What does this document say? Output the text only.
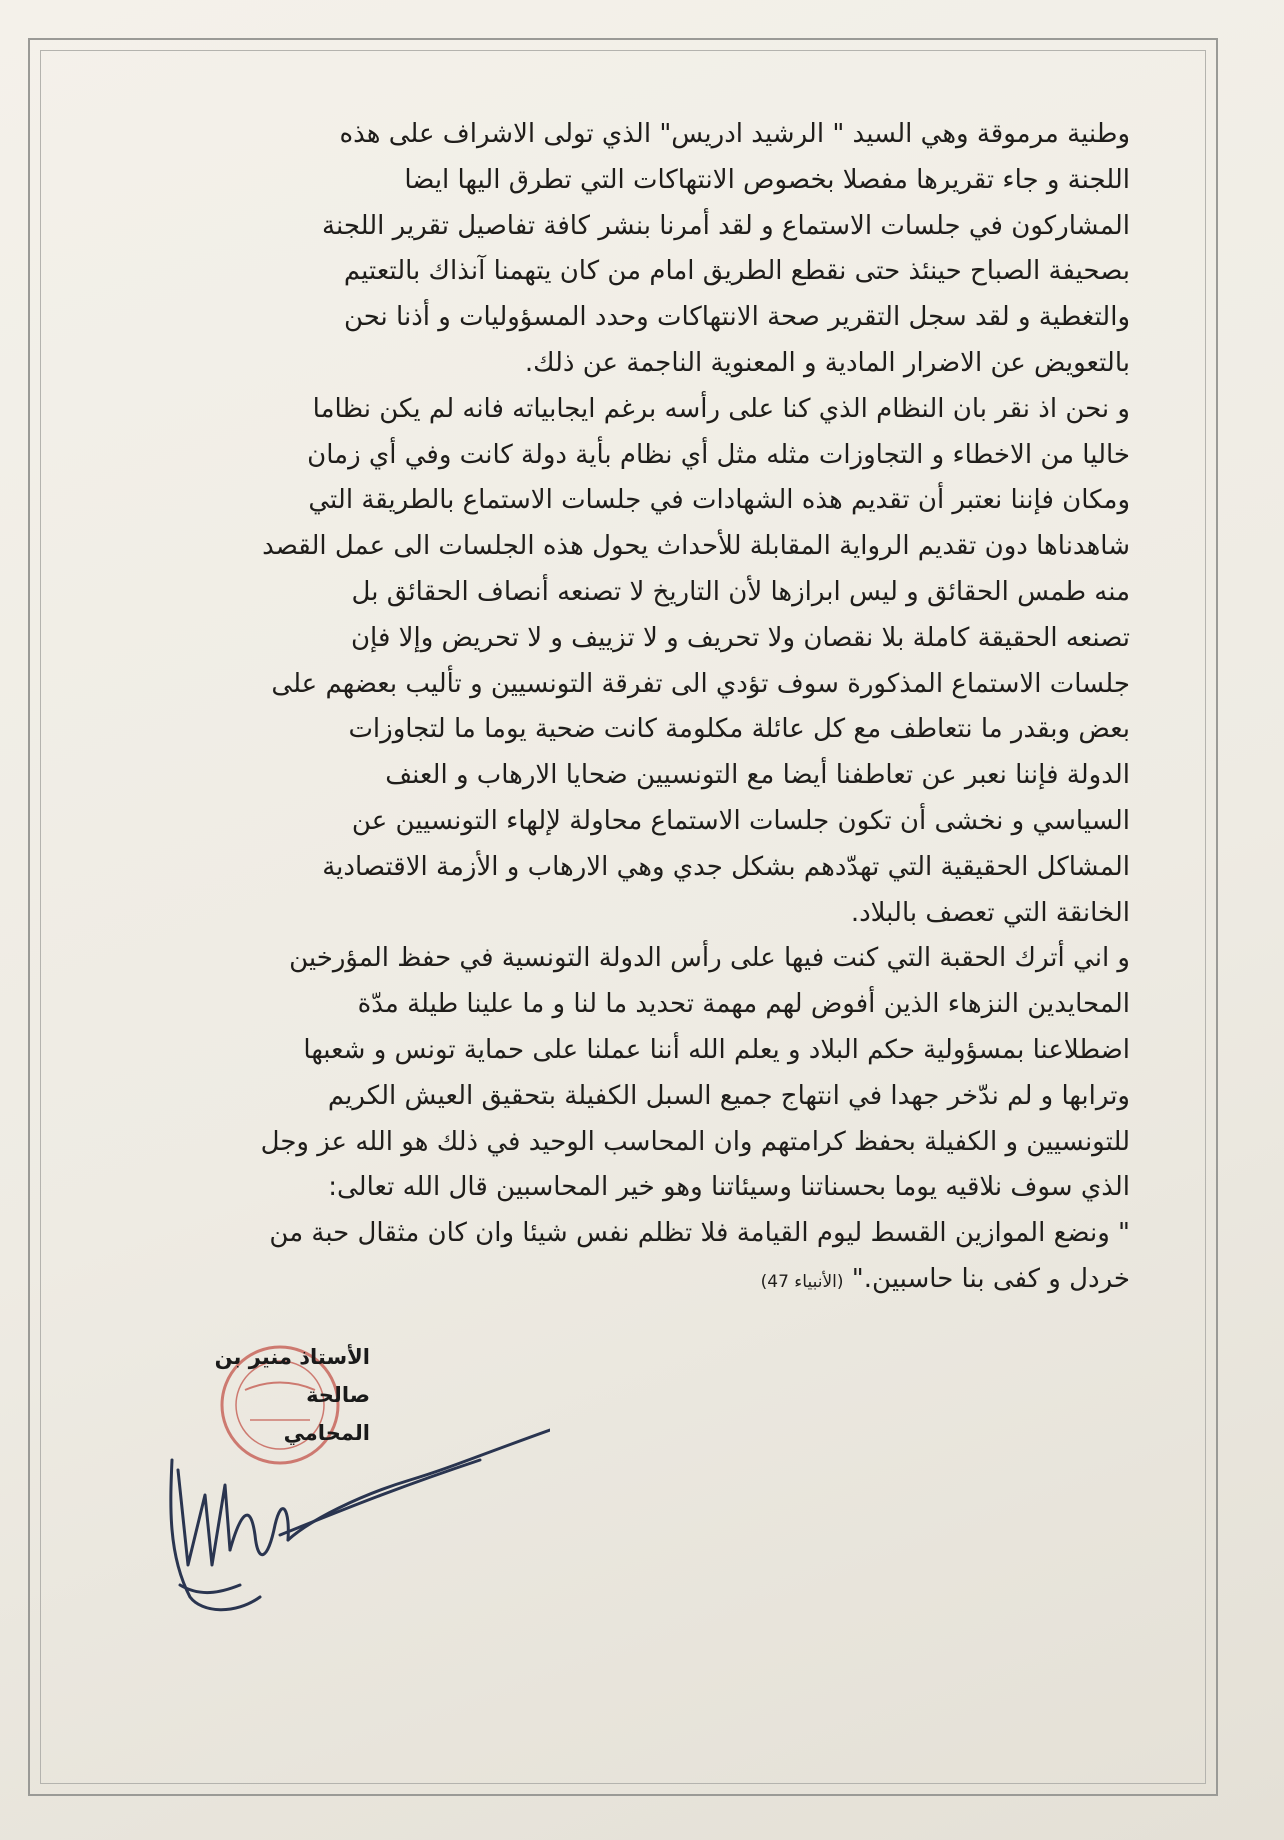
وطنية مرموقة وهي السيد " الرشيد ادريس" الذي تولى الاشراف على هذه
اللجنة و جاء تقريرها مفصلا بخصوص الانتهاكات التي تطرق اليها ايضا
المشاركون في جلسات الاستماع و لقد أمرنا بنشر كافة تفاصيل تقرير اللجنة
بصحيفة الصباح حينئذ حتى نقطع الطريق امام من كان يتهمنا آنذاك بالتعتيم
والتغطية و لقد سجل التقرير صحة الانتهاكات وحدد المسؤوليات و أذنا نحن
بالتعويض عن الاضرار المادية و المعنوية الناجمة عن ذلك.
و نحن اذ نقر بان النظام الذي كنا على رأسه برغم ايجابياته فانه لم يكن نظاما
خاليا من الاخطاء و التجاوزات مثله مثل أي نظام بأية دولة كانت وفي أي زمان
ومكان فإننا نعتبر أن تقديم هذه الشهادات في جلسات الاستماع بالطريقة التي
شاهدناها دون تقديم الرواية المقابلة للأحداث يحول هذه الجلسات الى عمل القصد
منه طمس الحقائق و ليس ابرازها لأن التاريخ لا تصنعه أنصاف الحقائق بل
تصنعه الحقيقة كاملة بلا نقصان ولا تحريف و لا تزييف و لا تحريض وإلا فإن
جلسات الاستماع المذكورة سوف تؤدي الى تفرقة التونسيين و تأليب بعضهم على
بعض وبقدر ما نتعاطف مع كل عائلة مكلومة كانت ضحية يوما ما لتجاوزات
الدولة فإننا نعبر عن تعاطفنا أيضا مع التونسيين ضحايا الارهاب و العنف
السياسي و نخشى أن تكون جلسات الاستماع محاولة لإلهاء التونسيين عن
المشاكل الحقيقية التي تهدّدهم بشكل جدي وهي الارهاب و الأزمة الاقتصادية
الخانقة التي تعصف بالبلاد.
و اني أترك الحقبة التي كنت فيها على رأس الدولة التونسية في حفظ المؤرخين
المحايدين النزهاء الذين أفوض لهم مهمة تحديد ما لنا و ما علينا طيلة مدّة
اضطلاعنا بمسؤولية حكم البلاد و يعلم الله أننا عملنا على حماية تونس و شعبها
وترابها و لم ندّخر جهدا في انتهاج جميع السبل الكفيلة بتحقيق العيش الكريم
للتونسيين و الكفيلة بحفظ كرامتهم وان المحاسب الوحيد في ذلك هو الله عز وجل
الذي سوف نلاقيه يوما بحسناتنا وسيئاتنا وهو خير المحاسبين قال الله تعالى:
" ونضع الموازين القسط ليوم القيامة فلا تظلم نفس شيئا وان كان مثقال حبة من
خردل و كفى بنا حاسبين." (الأنبياء 47)
الأستاذ منير بن صالحة
المحامي
